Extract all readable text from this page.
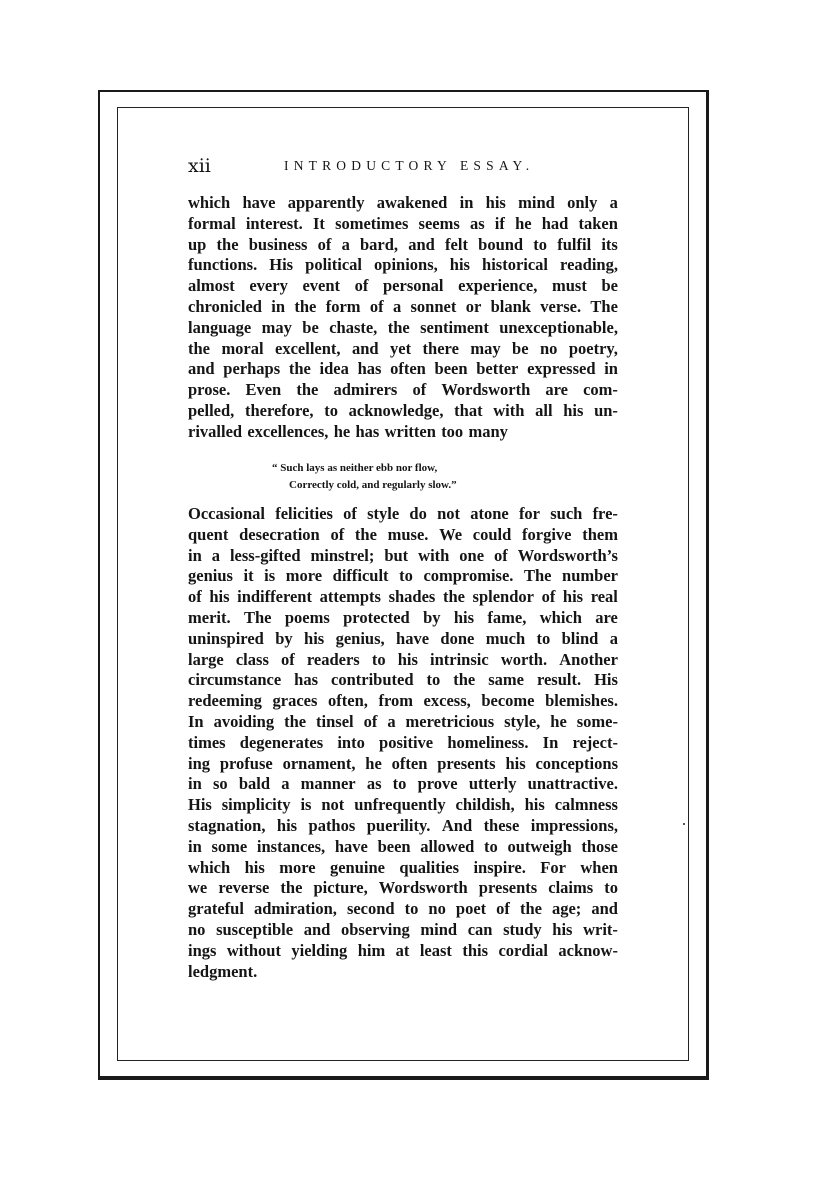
xii	INTRODUCTORY ESSAY.
which have apparently awakened in his mind only a
formal interest. It sometimes seems as if he had taken
up the business of a bard, and felt bound to fulfil its
functions. His political opinions, his historical reading,
almost every event of personal experience, must be
chronicled in the form of a sonnet or blank verse. The
language may be chaste, the sentiment unexceptionable,
the moral excellent, and yet there may be no poetry,
and perhaps the idea has often been better expressed in
prose. Even the admirers of Wordsworth are com-
pelled, therefore, to acknowledge, that with all his un-
rivalled excellences, he has written too many
“ Such lays as neither ebb nor flow,
Correctly cold, and regularly slow.”
Occasional felicities of style do not atone for such fre-
quent desecration of the muse. We could forgive them
in a less-gifted minstrel; but with one of Wordsworth’s
genius it is more difficult to compromise. The number
of his indifferent attempts shades the splendor of his real
merit. The poems protected by his fame, which are
uninspired by his genius, have done much to blind a
large class of readers to his intrinsic worth. Another
circumstance has contributed to the same result. His
redeeming graces often, from excess, become blemishes.
In avoiding the tinsel of a meretricious style, he some-
times degenerates into positive homeliness. In reject-
ing profuse ornament, he often presents his conceptions
in so bald a manner as to prove utterly unattractive.
His simplicity is not unfrequently childish, his calmness
stagnation, his pathos puerility. And these impressions,
in some instances, have been allowed to outweigh those
which his more genuine qualities inspire. For when
we reverse the picture, Wordsworth presents claims to
grateful admiration, second to no poet of the age; and
no susceptible and observing mind can study his writ-
ings without yielding him at least this cordial acknow-
ledgment.
